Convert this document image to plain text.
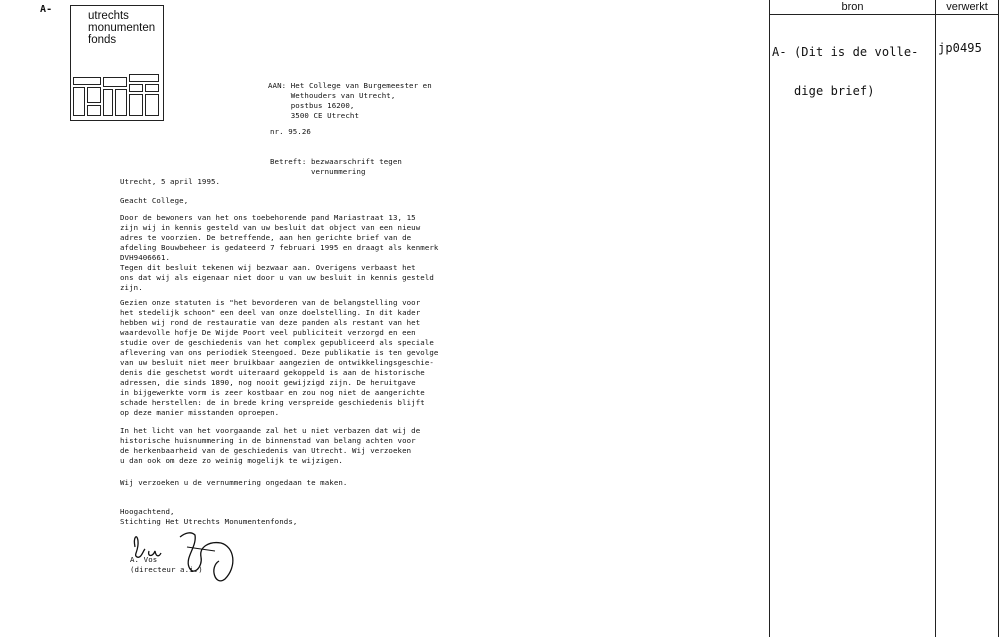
A-
utrechts
monumenten
fonds
AAN: Het College van Burgemeester en
Wethouders van Utrecht,
postbus 16200,
3500 CE Utrecht
nr. 95.26
Betreft: bezwaarschrift tegen
vernummering
Utrecht, 5 april 1995.
Geacht College,
Door de bewoners van het ons toebehorende pand Mariastraat 13, 15
zijn wij in kennis gesteld van uw besluit dat object van een nieuw
adres te voorzien. De betreffende, aan hen gerichte brief van de
afdeling Bouwbeheer is gedateerd 7 februari 1995 en draagt als kenmerk
DVH9406661.
Tegen dit besluit tekenen wij bezwaar aan. Overigens verbaast het
ons dat wij als eigenaar niet door u van uw besluit in kennis gesteld
zijn.
Gezien onze statuten is "het bevorderen van de belangstelling voor
het stedelijk schoon" een deel van onze doelstelling. In dit kader
hebben wij rond de restauratie van deze panden als restant van het
waardevolle hofje De Wijde Poort veel publiciteit verzorgd en een
studie over de geschiedenis van het complex gepubliceerd als speciale
aflevering van ons periodiek Steengoed. Deze publikatie is ten gevolge
van uw besluit niet meer bruikbaar aangezien de ontwikkelingsgeschie-
denis die geschetst wordt uiteraard gekoppeld is aan de historische
adressen, die sinds 1890, nog nooit gewijzigd zijn. De heruitgave
in bijgewerkte vorm is zeer kostbaar en zou nog niet de aangerichte
schade herstellen: de in brede kring verspreide geschiedenis blijft
op deze manier misstanden oproepen.
In het licht van het voorgaande zal het u niet verbazen dat wij de
historische huisnummering in de binnenstad van belang achten voor
de herkenbaarheid van de geschiedenis van Utrecht. Wij verzoeken
u dan ook om deze zo weinig mogelijk te wijzigen.
Wij verzoeken u de vernummering ongedaan te maken.
Hoogachtend,
Stichting Het Utrechts Monumentenfonds,
A. Vos
(directeur a.i.)
bron	verwerkt

A- (Dit is de volle-

dige brief)

jp0495
